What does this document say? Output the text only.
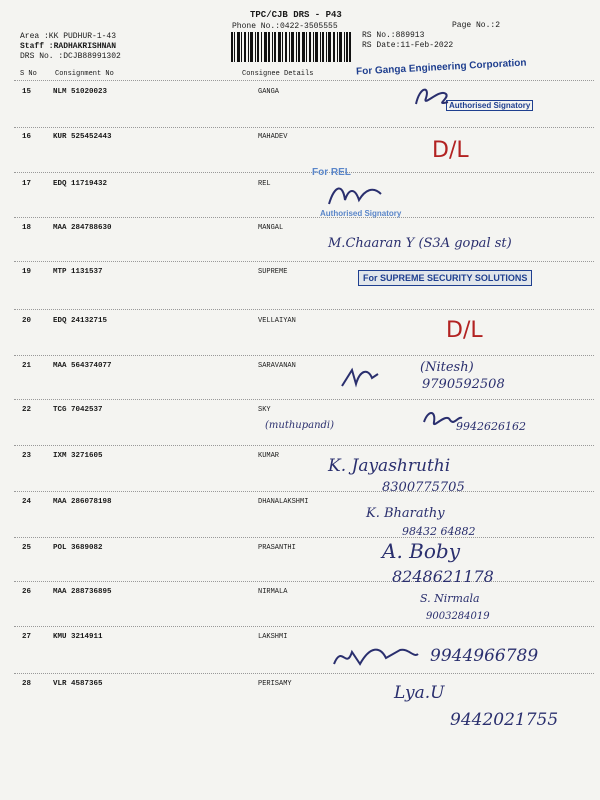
TPC/CJB DRS - P43
Phone No.:0422-3505555	Page No.:2
Area :KK PUDHUR-1-43
Staff :RADHAKRISHNAN
DRS No. :DCJB88991302
RS No.:889913
RS Date:11-Feb-2022
S No	Consignment No	Consignee Details
15	NLM 51020023	GANGA
16	KUR 525452443	MAHADEV
17	EDQ 11719432	REL
18	MAA 284788630	MANGAL
19	MTP 1131537	SUPREME
20	EDQ 24132715	VELLAIYAN
21	MAA 564374077	SARAVANAN
22	TCG 7042537	SKY
23	IXM 3271605	KUMAR
24	MAA 286078198	DHANALAKSHMI
25	POL 3689082	PRASANTHI
26	MAA 288736895	NIRMALA
27	KMU 3214911	LAKSHMI
28	VLR 4587365	PERISAMY
For Ganga Engineering Corporation
Authorised Signatory
D/L
For REL
Authorised Signatory
M.Chaaran Y (S3A gopal st)
For SUPREME SECURITY SOLUTIONS
D/L
(Nitesh)
9790592508
(muthupandi)	9942626162
K. Jayashruthi
8300775705
K. Bharathy
98432 64882
A. Boby
8248621178
S. Nirmala
9003284019
9944966789
Lya.U
9442021755
